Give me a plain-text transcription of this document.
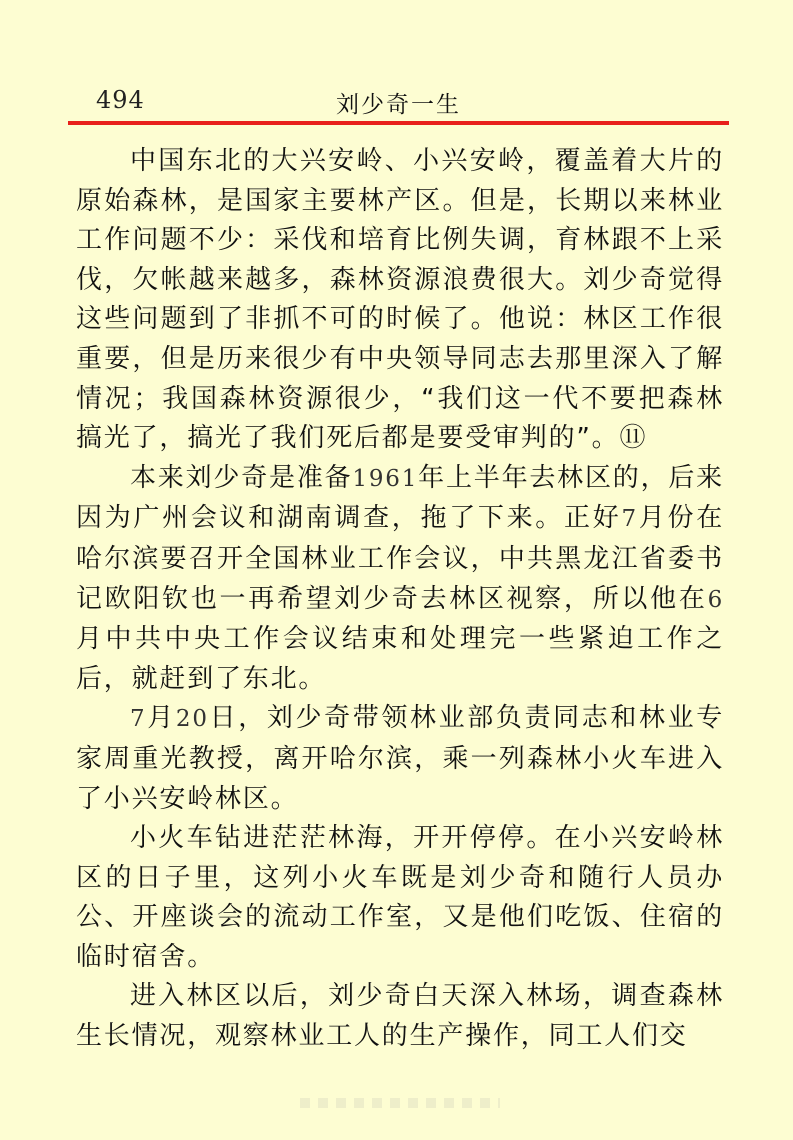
494	刘少奇一生

中国东北的大兴安岭、小兴安岭，覆盖着大片的原始森林，是国家主要林产区。但是，长期以来林业工作问题不少：采伐和培育比例失调，育林跟不上采伐，欠帐越来越多，森林资源浪费很大。刘少奇觉得这些问题到了非抓不可的时候了。他说：林区工作很重要，但是历来很少有中央领导同志去那里深入了解情况；我国森林资源很少，“我们这一代不要把森林搞光了，搞光了我们死后都是要受审判的”。⑪

本来刘少奇是准备1961年上半年去林区的，后来因为广州会议和湖南调查，拖了下来。正好7月份在哈尔滨要召开全国林业工作会议，中共黑龙江省委书记欧阳钦也一再希望刘少奇去林区视察，所以他在6月中共中央工作会议结束和处理完一些紧迫工作之后，就赶到了东北。

7月20日，刘少奇带领林业部负责同志和林业专家周重光教授，离开哈尔滨，乘一列森林小火车进入了小兴安岭林区。

小火车钻进茫茫林海，开开停停。在小兴安岭林区的日子里，这列小火车既是刘少奇和随行人员办公、开座谈会的流动工作室，又是他们吃饭、住宿的临时宿舍。

进入林区以后，刘少奇白天深入林场，调查森林生长情况，观察林业工人的生产操作，同工人们交
